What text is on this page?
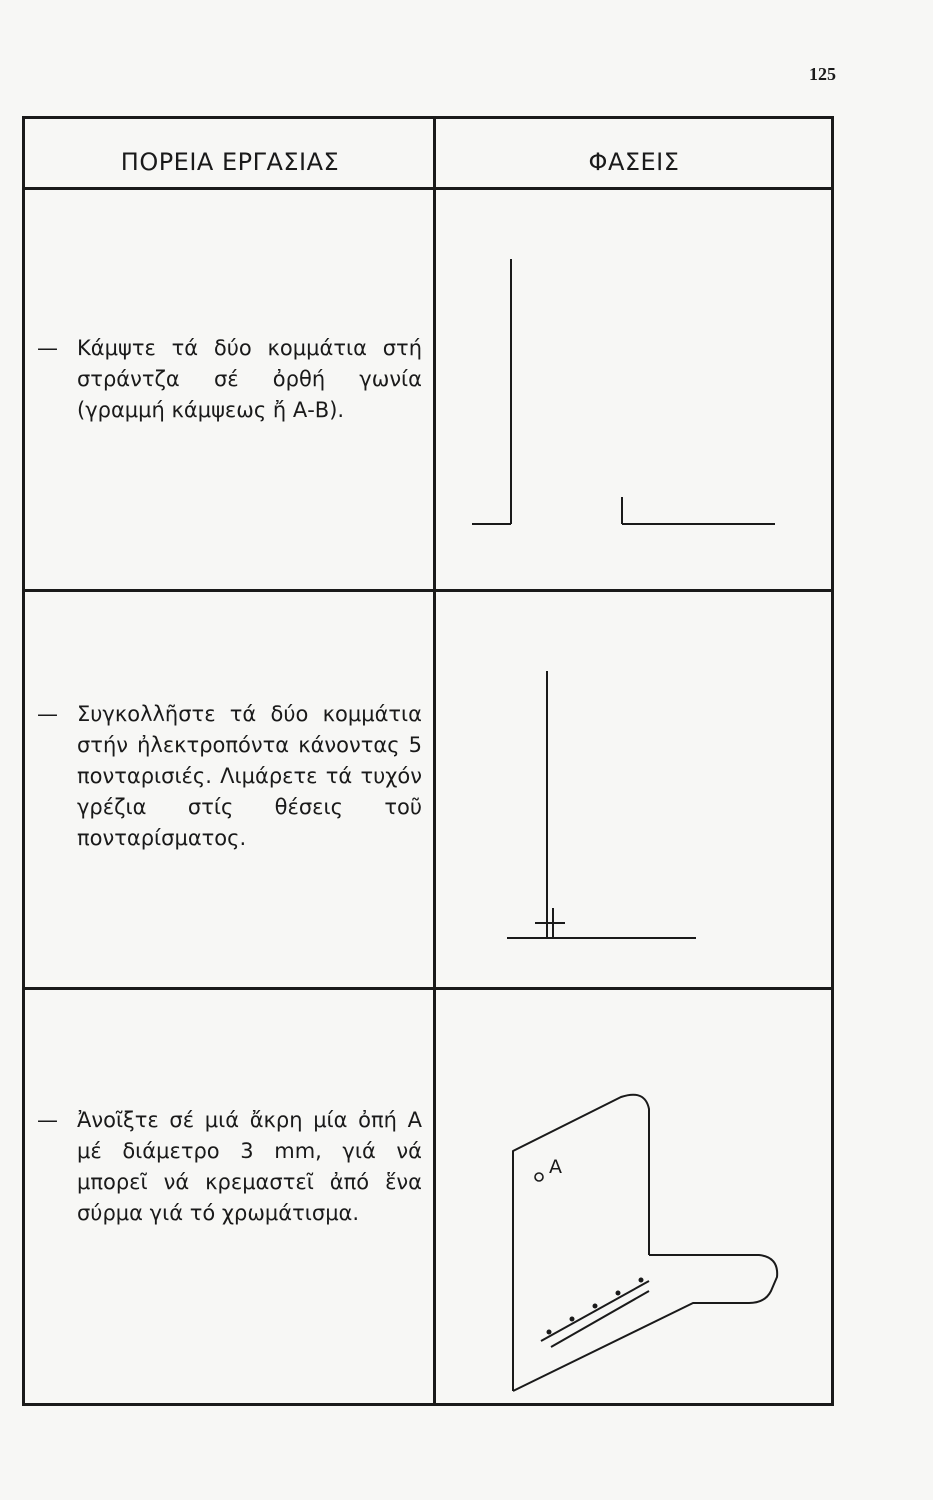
125
ΠΟΡΕΙΑ ΕΡΓΑΣΙΑΣ	ΦΑΣΕΙΣ
— Κάμψτε τά δύο κομμάτια στή στράντζα σέ ὀρθή γωνία (γραμμή κάμψεως ἤ Α-Β).
— Συγκολλῆστε τά δύο κομμάτια στήν ἠλεκτροπόντα κάνοντας 5 πονταρισιές. Λιμάρετε τά τυχόν γρέζια στίς θέσεις τοῦ πονταρίσματος.
— Ἀνοῖξτε σέ μιά ἄκρη μία ὀπή Α μέ διάμετρο 3 mm, γιά νά μπορεῖ νά κρεμαστεῖ ἀπό ἕνα σύρμα γιά τό χρωμάτισμα.
A
